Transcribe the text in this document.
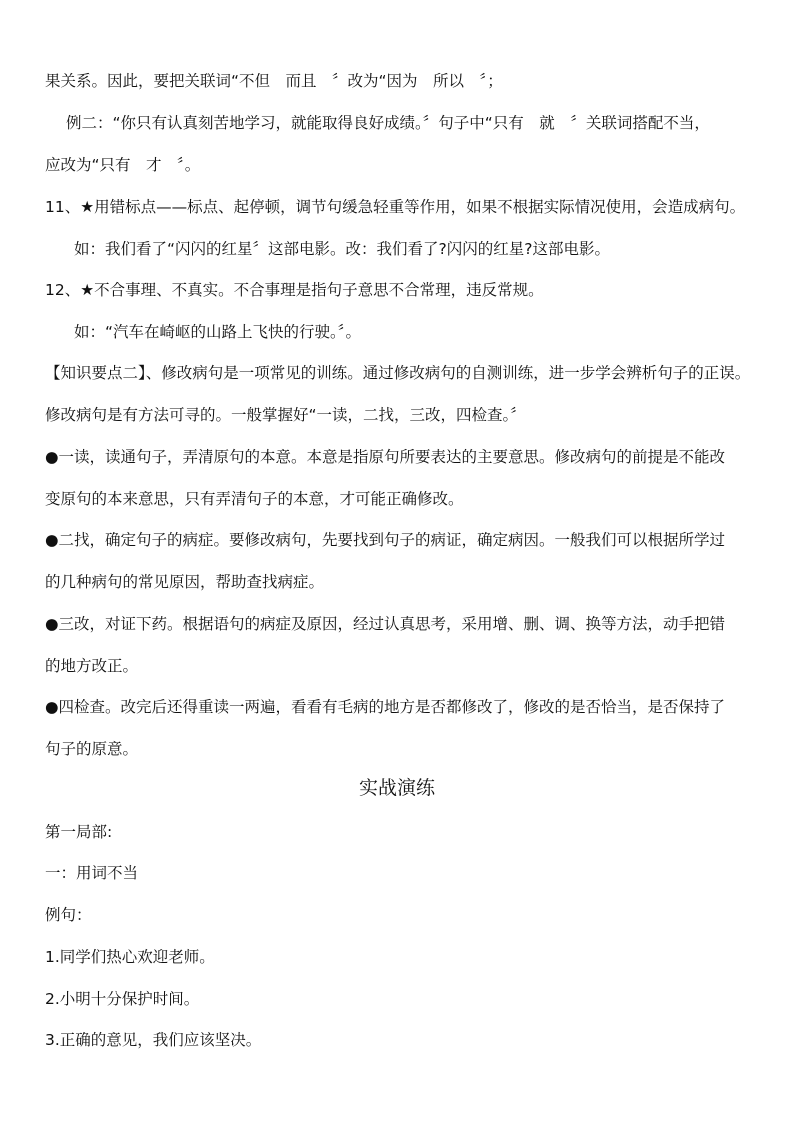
果关系。因此，要把关联词“不但　而且　〞改为“因为　所以　〞；
例二：“你只有认真刻苦地学习，就能取得良好成绩。〞句子中“只有　就　〞关联词搭配不当，
应改为“只有　才　〞。
11、★用错标点——标点、起停顿，调节句缓急轻重等作用，如果不根据实际情况使用，会造成病句。
如：我们看了“闪闪的红星〞这部电影。改：我们看了?闪闪的红星?这部电影。
12、★不合事理、不真实。不合事理是指句子意思不合常理，违反常规。
如：“汽车在崎岖的山路上飞快的行驶。〞。
【知识要点二】、修改病句是一项常见的训练。通过修改病句的自测训练，进一步学会辨析句子的正误。
修改病句是有方法可寻的。一般掌握好“一读，二找，三改，四检查。〞
●一读，读通句子，弄清原句的本意。本意是指原句所要表达的主要意思。修改病句的前提是不能改
变原句的本来意思，只有弄清句子的本意，才可能正确修改。
●二找，确定句子的病症。要修改病句，先要找到句子的病证，确定病因。一般我们可以根据所学过
的几种病句的常见原因，帮助查找病症。
●三改，对证下药。根据语句的病症及原因，经过认真思考，采用增、删、调、换等方法，动手把错
的地方改正。
●四检查。改完后还得重读一两遍，看看有毛病的地方是否都修改了，修改的是否恰当，是否保持了
句子的原意。
实战演练
第一局部:
一：用词不当
例句：
1.同学们热心欢迎老师。
2.小明十分保护时间。
3.正确的意见，我们应该坚决。
